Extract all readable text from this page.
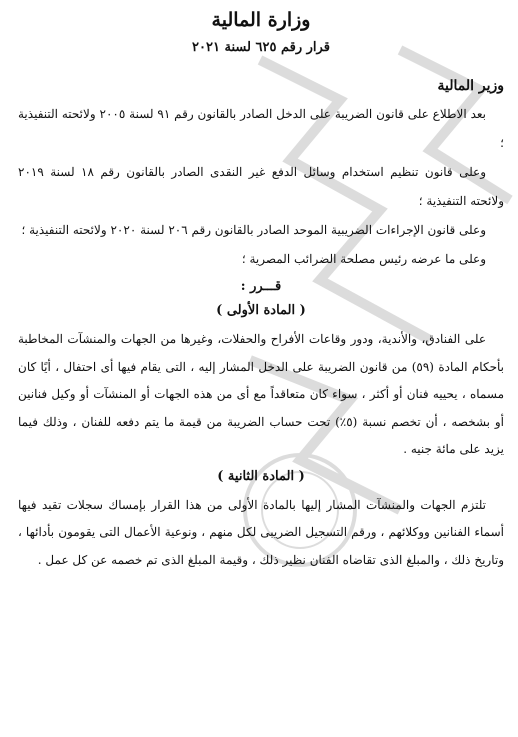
وزارة المالية
قرار رقم ٦٢٥ لسنة ٢٠٢١
وزير المالية

بعد الاطلاع على قانون الضريبة على الدخل الصادر بالقانون رقم ٩١ لسنة ٢٠٠٥ ولائحته التنفيذية ؛

وعلى قانون تنظيم استخدام وسائل الدفع غير النقدى الصادر بالقانون رقم ١٨ لسنة ٢٠١٩ ولائحته التنفيذية ؛

وعلى قانون الإجراءات الضريبية الموحد الصادر بالقانون رقم ٢٠٦ لسنة ٢٠٢٠ ولائحته التنفيذية ؛

وعلى ما عرضه رئيس مصلحة الضرائب المصرية ؛

قـــرر :
( المادة الأولى )

على الفنادق، والأندية، ودور وقاعات الأفراح والحفلات، وغيرها من الجهات والمنشآت المخاطبة بأحكام المادة (٥٩) من قانون الضريبة على الدخل المشار إليه ، التى يقام فيها أى احتفال ، أيًا كان مسماه ، يحييه فنان أو أكثر ، سواء كان متعاقداً مع أى من هذه الجهات أو المنشآت أو وكيل فنانين أو بشخصه ، أن تخصم نسبة (٥٪) تحت حساب الضريبة من قيمة ما يتم دفعه للفنان ، وذلك فيما يزيد على مائة جنيه .

( المادة الثانية )

تلتزم الجهات والمنشآت المشار إليها بالمادة الأولى من هذا القرار بإمساك سجلات تقيد فيها أسماء الفنانين ووكلائهم ، ورقم التسجيل الضريبى لكل منهم ، ونوعية الأعمال التى يقومون بأدائها ، وتاريخ ذلك ، والمبلغ الذى تقاضاه الفنان نظير ذلك ، وقيمة المبلغ الذى تم خصمه عن كل عمل .
